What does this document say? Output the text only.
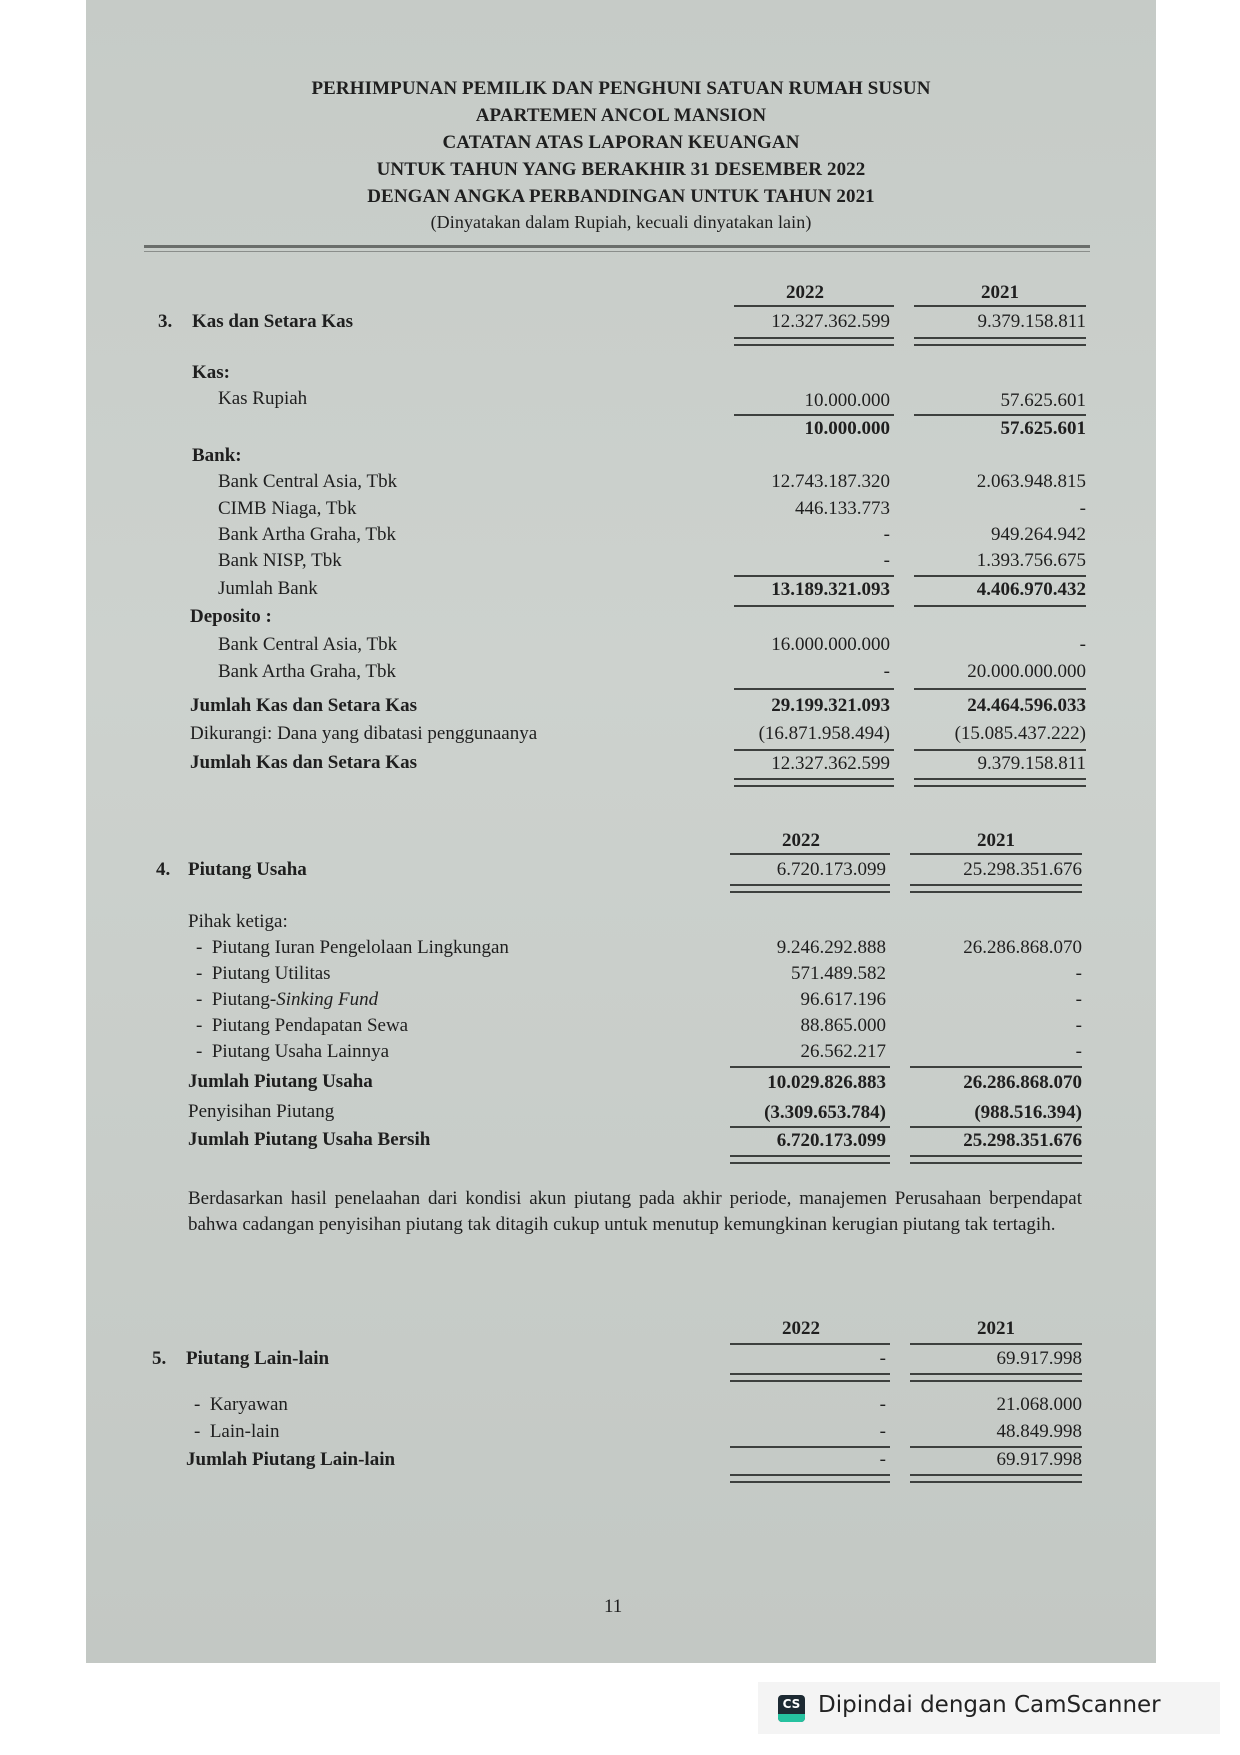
PERHIMPUNAN PEMILIK DAN PENGHUNI SATUAN RUMAH SUSUN
APARTEMEN ANCOL MANSION
CATATAN ATAS LAPORAN KEUANGAN
UNTUK TAHUN YANG BERAKHIR 31 DESEMBER 2022
DENGAN ANGKA PERBANDINGAN UNTUK TAHUN 2021
(Dinyatakan dalam Rupiah, kecuali dinyatakan lain)
2022	2021
3. Kas dan Setara Kas	12.327.362.599	9.379.158.811
Kas:
Kas Rupiah	10.000.000	57.625.601
10.000.000	57.625.601
Bank:
Bank Central Asia, Tbk	12.743.187.320	2.063.948.815
CIMB Niaga, Tbk	446.133.773	-
Bank Artha Graha, Tbk	-	949.264.942
Bank NISP, Tbk	-	1.393.756.675
Jumlah Bank	13.189.321.093	4.406.970.432
Deposito :
Bank Central Asia, Tbk	16.000.000.000	-
Bank Artha Graha, Tbk	-	20.000.000.000
Jumlah Kas dan Setara Kas	29.199.321.093	24.464.596.033
Dikurangi: Dana yang dibatasi penggunaanya	(16.871.958.494)	(15.085.437.222)
Jumlah Kas dan Setara Kas	12.327.362.599	9.379.158.811
2022	2021
4. Piutang Usaha	6.720.173.099	25.298.351.676
Pihak ketiga:
- Piutang Iuran Pengelolaan Lingkungan	9.246.292.888	26.286.868.070
- Piutang Utilitas	571.489.582	-
- Piutang-Sinking Fund	96.617.196	-
- Piutang Pendapatan Sewa	88.865.000	-
- Piutang Usaha Lainnya	26.562.217	-
Jumlah Piutang Usaha	10.029.826.883	26.286.868.070
Penyisihan Piutang	(3.309.653.784)	(988.516.394)
Jumlah Piutang Usaha Bersih	6.720.173.099	25.298.351.676
Berdasarkan hasil penelaahan dari kondisi akun piutang pada akhir periode, manajemen Perusahaan berpendapat bahwa cadangan penyisihan piutang tak ditagih cukup untuk menutup kemungkinan kerugian piutang tak tertagih.
2022	2021
5. Piutang Lain-lain	-	69.917.998
- Karyawan	-	21.068.000
- Lain-lain	-	48.849.998
Jumlah Piutang Lain-lain	-	69.917.998
11
CS Dipindai dengan CamScanner
